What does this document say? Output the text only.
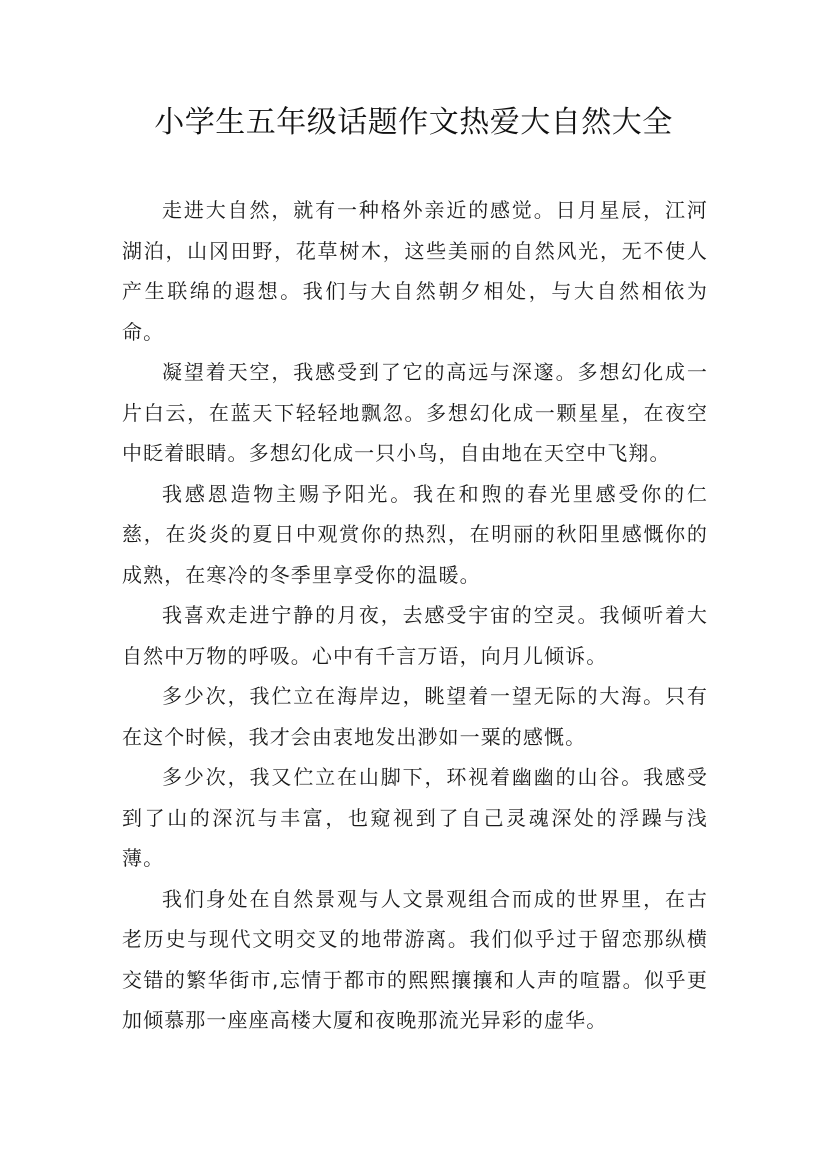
小学生五年级话题作文热爱大自然大全

走进大自然，就有一种格外亲近的感觉。日月星辰，江河湖泊，山冈田野，花草树木，这些美丽的自然风光，无不使人产生联绵的遐想。我们与大自然朝夕相处，与大自然相依为命。

凝望着天空，我感受到了它的高远与深邃。多想幻化成一片白云，在蓝天下轻轻地飘忽。多想幻化成一颗星星，在夜空中眨着眼睛。多想幻化成一只小鸟，自由地在天空中飞翔。

我感恩造物主赐予阳光。我在和煦的春光里感受你的仁慈，在炎炎的夏日中观赏你的热烈，在明丽的秋阳里感慨你的成熟，在寒冷的冬季里享受你的温暖。

我喜欢走进宁静的月夜，去感受宇宙的空灵。我倾听着大自然中万物的呼吸。心中有千言万语，向月儿倾诉。

多少次，我伫立在海岸边，眺望着一望无际的大海。只有在这个时候，我才会由衷地发出渺如一粟的感慨。

多少次，我又伫立在山脚下，环视着幽幽的山谷。我感受到了山的深沉与丰富，也窥视到了自己灵魂深处的浮躁与浅薄。

我们身处在自然景观与人文景观组合而成的世界里，在古老历史与现代文明交叉的地带游离。我们似乎过于留恋那纵横交错的繁华街市,忘情于都市的熙熙攘攘和人声的喧嚣。似乎更加倾慕那一座座高楼大厦和夜晚那流光异彩的虚华。
